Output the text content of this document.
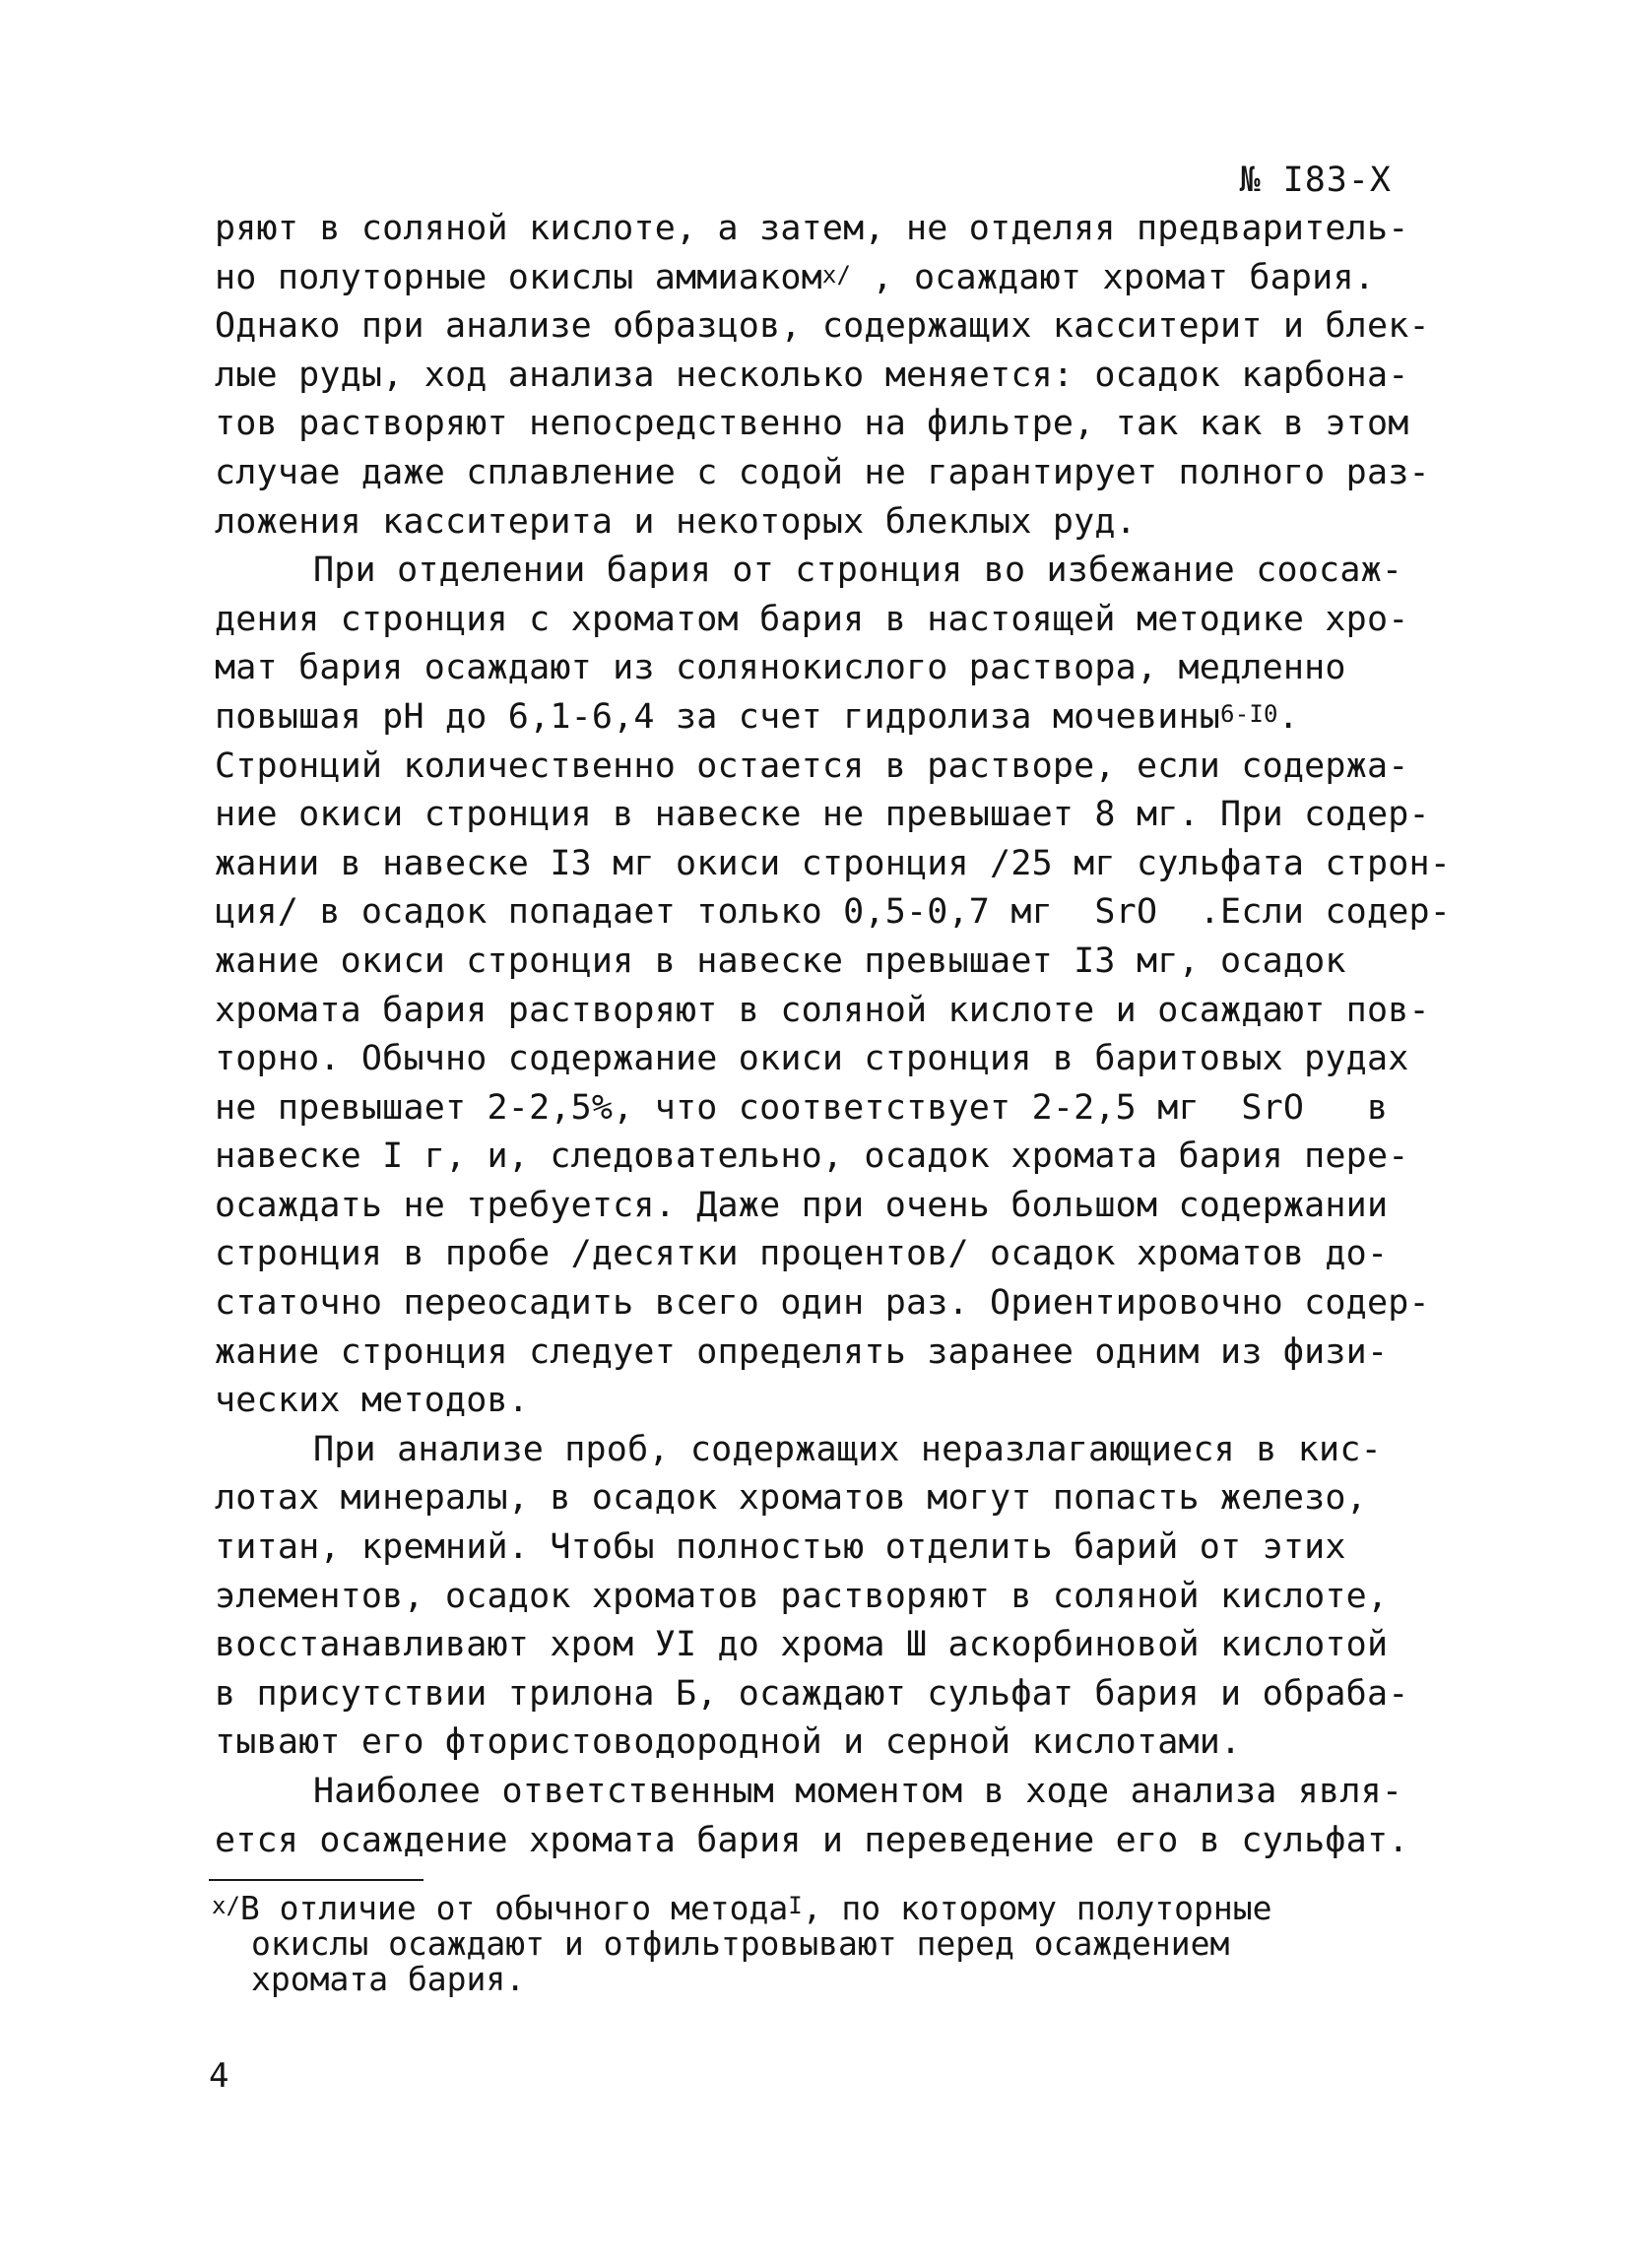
№ I83-Х
ряют в соляной кислоте, а затем, не отделяя предваритель-
но полуторные окислы аммиаком$^{х/}$ , осаждают хромат бария.
Однако при анализе образцов, содержащих касситерит и блек-
лые руды, ход анализа несколько меняется: осадок карбона-
тов растворяют непосредственно на фильтре, так как в этом
случае даже сплавление с содой не гарантирует полного раз-
ложения касситерита и некоторых блеклых руд.
При отделении бария от стронция во избежание соосаж-
дения стронция с хроматом бария в настоящей методике хро-
мат бария осаждают из солянокислого раствора, медленно
повышая рН до 6,1-6,4 за счет гидролиза мочевины$^{6-I0}$.
Стронций количественно остается в растворе, если содержа-
ние окиси стронция в навеске не превышает 8 мг. При содер-
жании в навеске I3 мг окиси стронция /25 мг сульфата строн-
ция/ в осадок попадает только 0,5-0,7 мг  SrO  .Если содер-
жание окиси стронция в навеске превышает I3 мг, осадок
хромата бария растворяют в соляной кислоте и осаждают пов-
торно. Обычно содержание окиси стронция в баритовых рудах
не превышает 2-2,5%, что соответствует 2-2,5 мг  SrO   в
навеске I г, и, следовательно, осадок хромата бария пере-
осаждать не требуется. Даже при очень большом содержании
стронция в пробе /десятки процентов/ осадок хроматов до-
статочно переосадить всего один раз. Ориентировочно содер-
жание стронция следует определять заранее одним из физи-
ческих методов.
При анализе проб, содержащих неразлагающиеся в кис-
лотах минералы, в осадок хроматов могут попасть железо,
титан, кремний. Чтобы полностью отделить барий от этих
элементов, осадок хроматов растворяют в соляной кислоте,
восстанавливают хром УI до хрома Ш аскорбиновой кислотой
в присутствии трилона Б, осаждают сульфат бария и обраба-
тывают его фтористоводородной и серной кислотами.
Наиболее ответственным моментом в ходе анализа явля-
ется осаждение хромата бария и переведение его в сульфат.
$^{х/}$В отличие от обычного метода$^I$, по которому полуторные
окислы осаждают и отфильтровывают перед осаждением
хромата бария.
4
